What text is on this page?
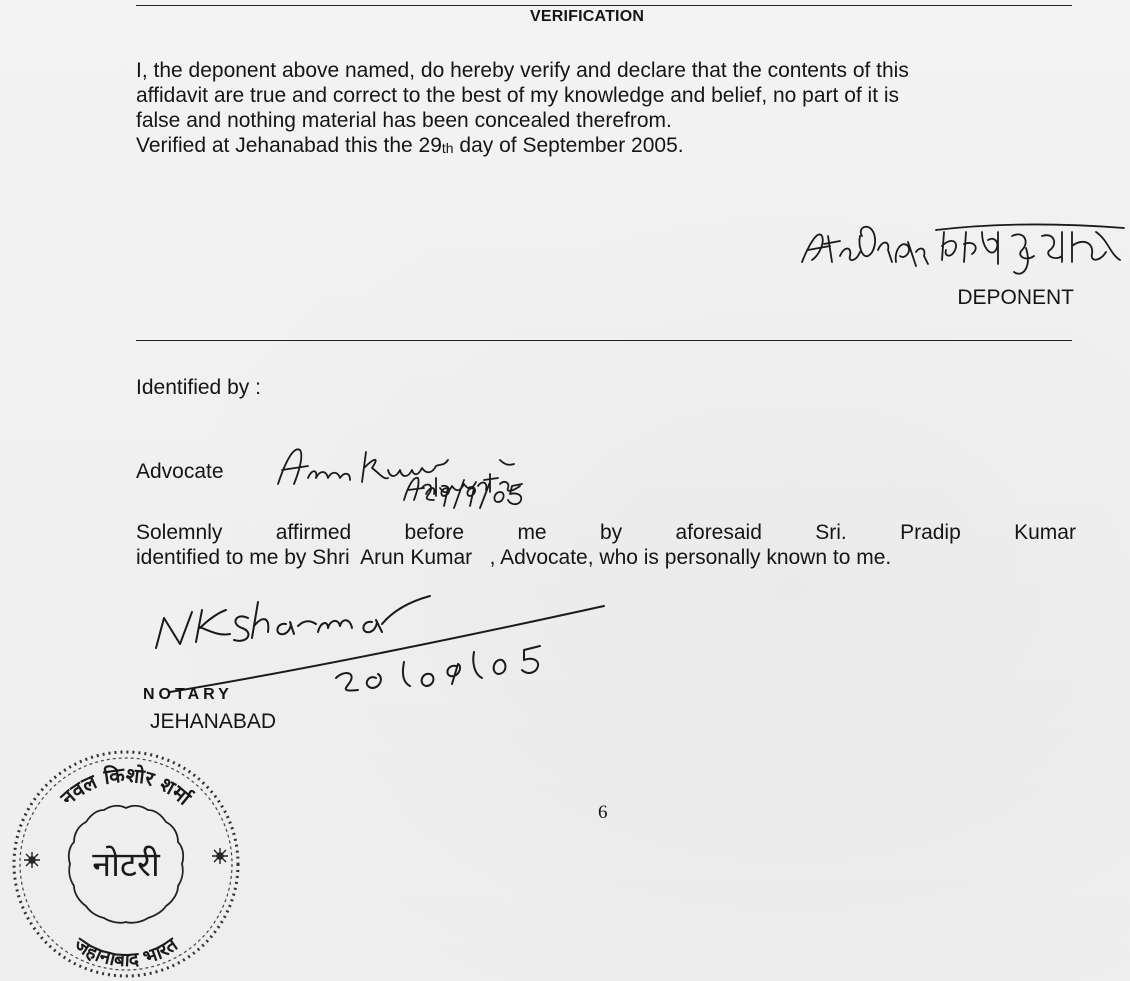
VERIFICATION
I, the deponent above named, do hereby verify and declare that the contents of this
affidavit are true and correct to the best of my knowledge and belief, no part of it is
false and nothing material has been concealed therefrom.
Verified at Jehanabad this the $29_{th}$ day of September 2005.
DEPONENT
Identified by :
Advocate
Solemnly	affirmed	before	me	by	aforesaid	Sri.	Pradip	Kumar
identified to me by Shri  Arun Kumar   , Advocate, who is personally known to me.
NOTARY
JEHANABAD
6
नवल किशोर शर्मा
जहानाबाद भारत
नोटरी
